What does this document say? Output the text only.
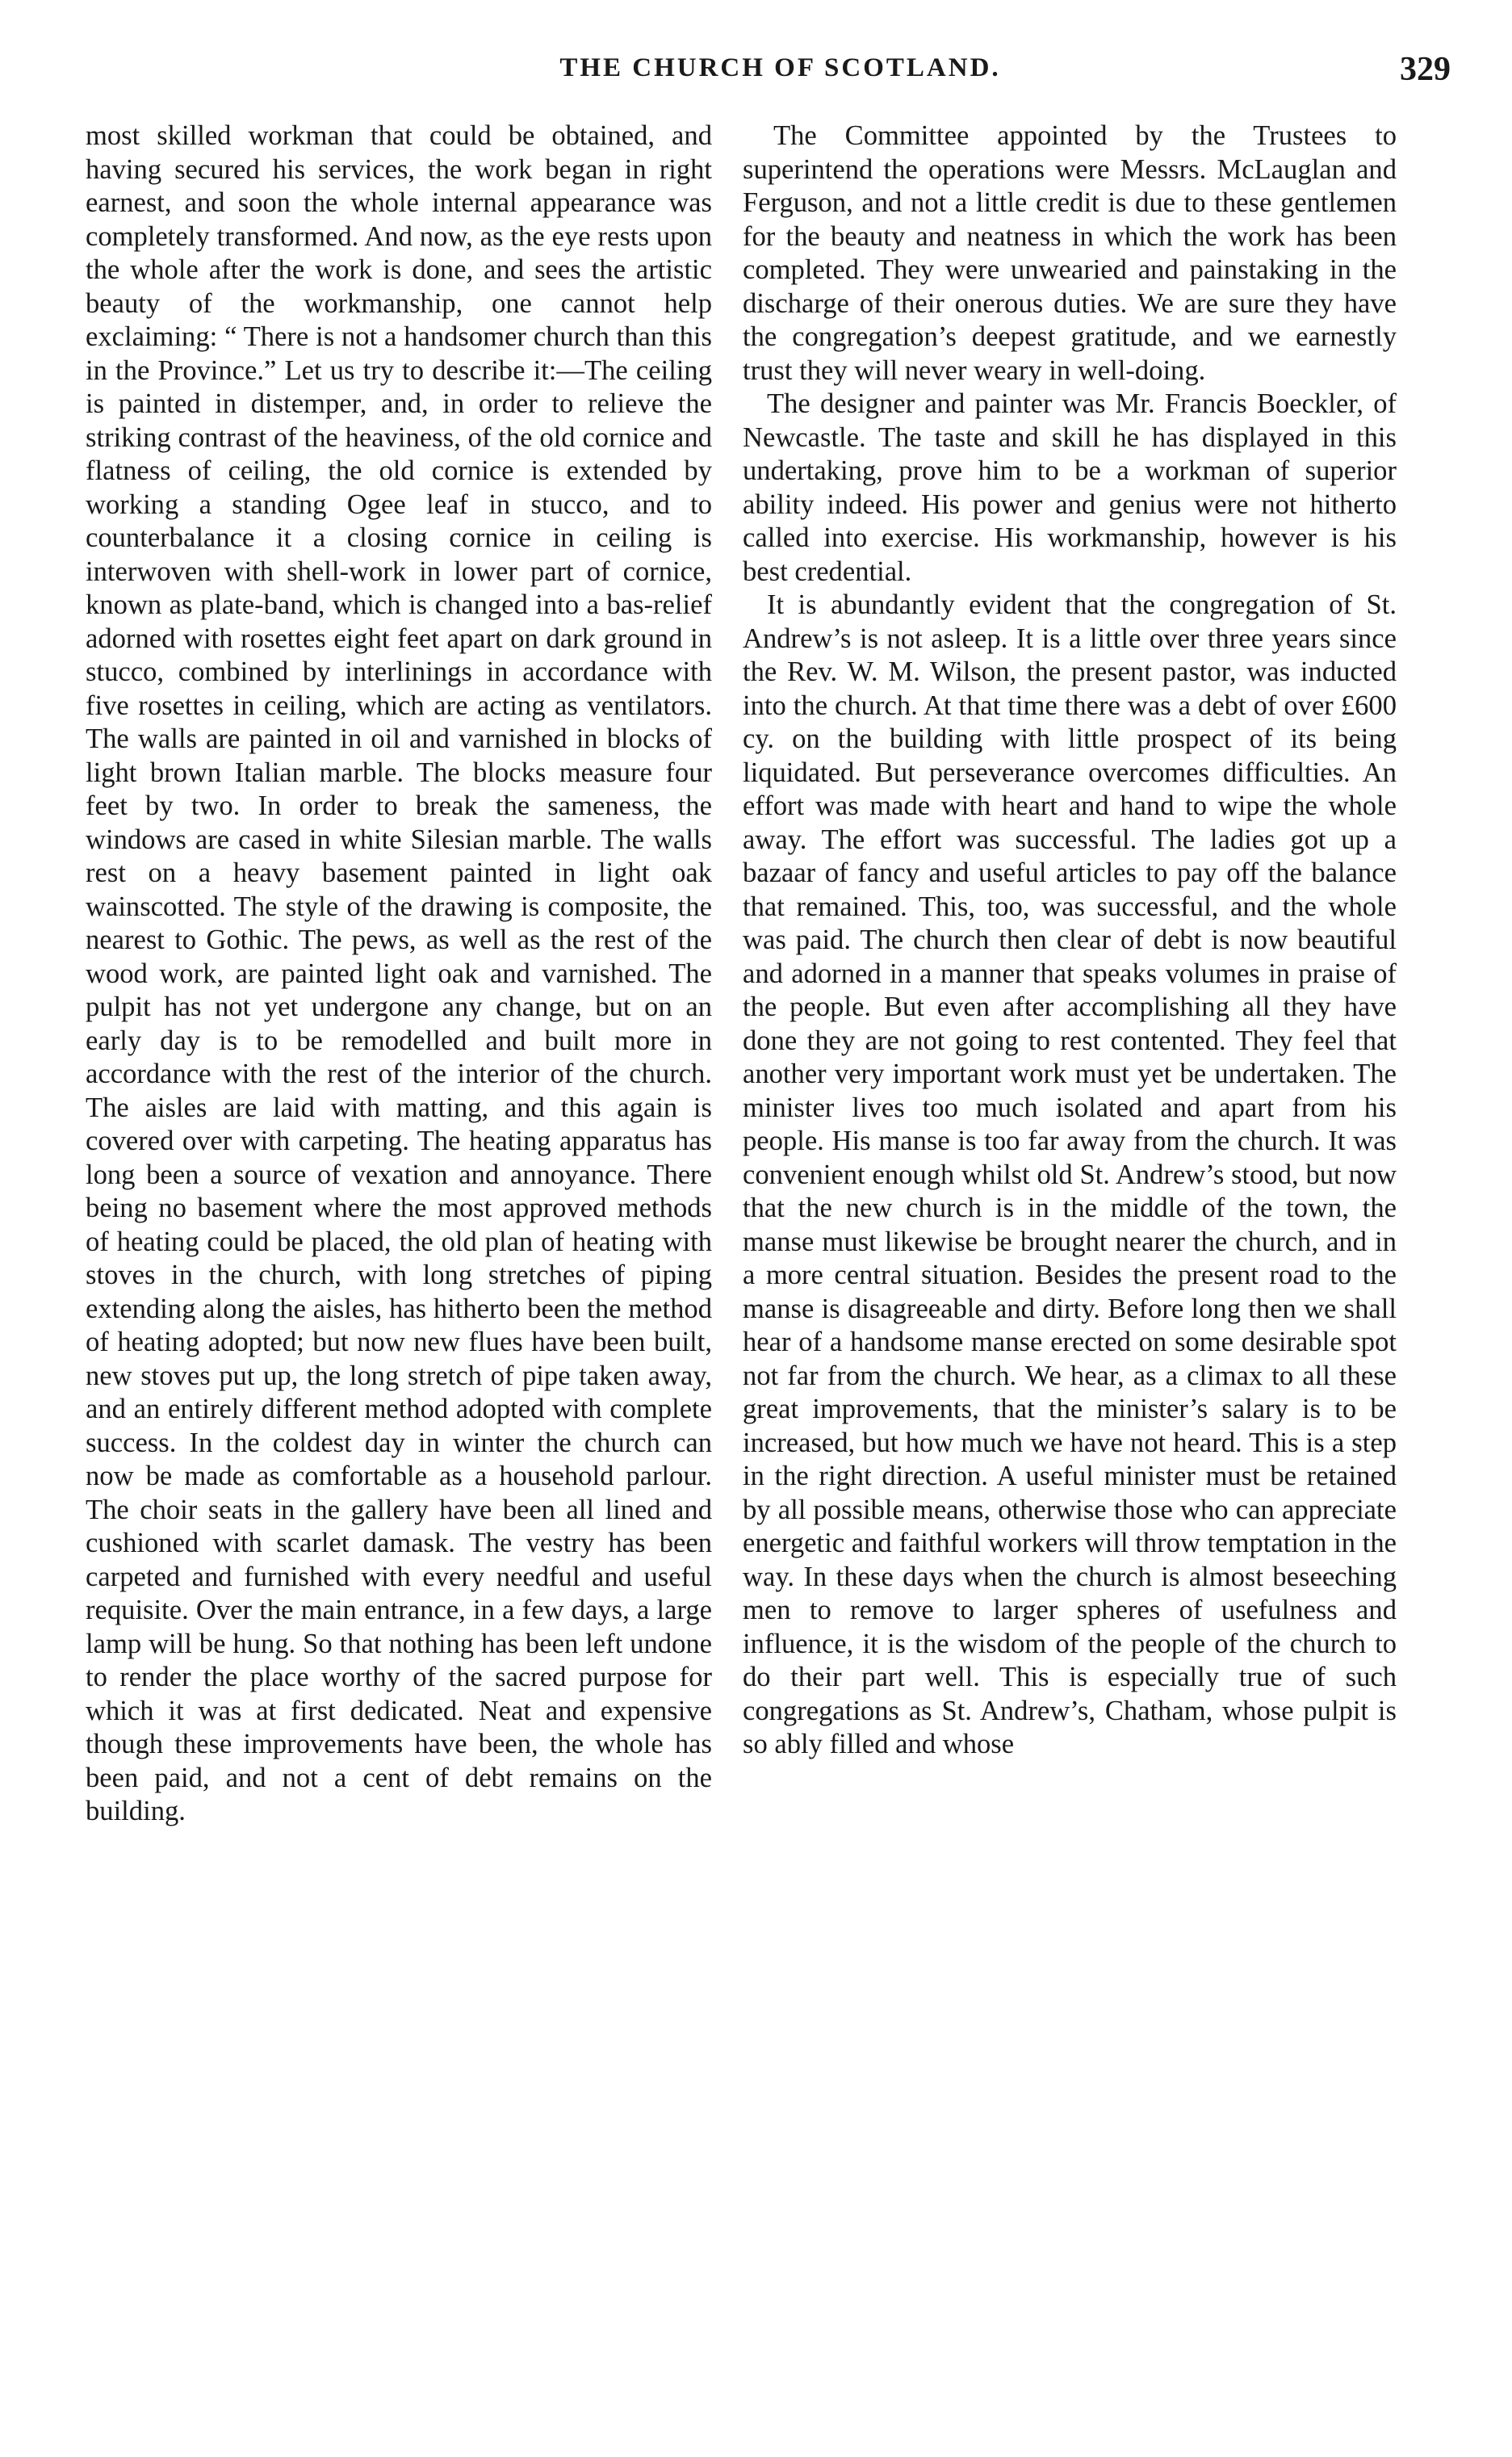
THE CHURCH OF SCOTLAND.	329

most skilled workman that could be obtained, and having secured his services, the work began in right earnest, and soon the whole internal appearance was completely transformed. And now, as the eye rests upon the whole after the work is done, and sees the artistic beauty of the workmanship, one cannot help exclaiming: “ There is not a handsomer church than this in the Province.” Let us try to describe it:—The ceiling is painted in distemper, and, in order to relieve the striking contrast of the heaviness, of the old cornice and flatness of ceiling, the old cornice is extended by working a standing Ogee leaf in stucco, and to counterbalance it a closing cornice in ceiling is interwoven with shell-work in lower part of cornice, known as plate-band, which is changed into a bas-relief adorned with rosettes eight feet apart on dark ground in stucco, combined by interlinings in accordance with five rosettes in ceiling, which are acting as ventilators. The walls are painted in oil and varnished in blocks of light brown Italian marble. The blocks measure four feet by two. In order to break the sameness, the windows are cased in white Silesian marble. The walls rest on a heavy basement painted in light oak wainscotted. The style of the drawing is composite, the nearest to Gothic. The pews, as well as the rest of the wood work, are painted light oak and varnished. The pulpit has not yet undergone any change, but on an early day is to be remodelled and built more in accordance with the rest of the interior of the church. The aisles are laid with matting, and this again is covered over with carpeting. The heating apparatus has long been a source of vexation and annoyance. There being no basement where the most approved methods of heating could be placed, the old plan of heating with stoves in the church, with long stretches of piping extending along the aisles, has hitherto been the method of heating adopted; but now new flues have been built, new stoves put up, the long stretch of pipe taken away, and an entirely different method adopted with complete success. In the coldest day in winter the church can now be made as comfortable as a household parlour. The choir seats in the gallery have been all lined and cushioned with scarlet damask. The vestry has been carpeted and furnished with every needful and useful requisite. Over the main entrance, in a few days, a large lamp will be hung. So that nothing has been left undone to render the place worthy of the sacred purpose for which it was at first dedicated. Neat and expensive though these improvements have been, the whole has been paid, and not a cent of debt remains on the building.

The Committee appointed by the Trustees to superintend the operations were Messrs. McLauglan and Ferguson, and not a little credit is due to these gentlemen for the beauty and neatness in which the work has been completed. They were unwearied and painstaking in the discharge of their onerous duties. We are sure they have the congregation’s deepest gratitude, and we earnestly trust they will never weary in well-doing.

The designer and painter was Mr. Francis Boeckler, of Newcastle. The taste and skill he has displayed in this undertaking, prove him to be a workman of superior ability indeed. His power and genius were not hitherto called into exercise. His workmanship, however is his best credential.

It is abundantly evident that the congregation of St. Andrew’s is not asleep. It is a little over three years since the Rev. W. M. Wilson, the present pastor, was inducted into the church. At that time there was a debt of over £600 cy. on the building with little prospect of its being liquidated. But perseverance overcomes difficulties. An effort was made with heart and hand to wipe the whole away. The effort was successful. The ladies got up a bazaar of fancy and useful articles to pay off the balance that remained. This, too, was successful, and the whole was paid. The church then clear of debt is now beautiful and adorned in a manner that speaks volumes in praise of the people. But even after accomplishing all they have done they are not going to rest contented. They feel that another very important work must yet be undertaken. The minister lives too much isolated and apart from his people. His manse is too far away from the church. It was convenient enough whilst old St. Andrew’s stood, but now that the new church is in the middle of the town, the manse must likewise be brought nearer the church, and in a more central situation. Besides the present road to the manse is disagreeable and dirty. Before long then we shall hear of a handsome manse erected on some desirable spot not far from the church. We hear, as a climax to all these great improvements, that the minister’s salary is to be increased, but how much we have not heard. This is a step in the right direction. A useful minister must be retained by all possible means, otherwise those who can appreciate energetic and faithful workers will throw temptation in the way. In these days when the church is almost beseeching men to remove to larger spheres of usefulness and influence, it is the wisdom of the people of the church to do their part well. This is especially true of such congregations as St. Andrew’s, Chatham, whose pulpit is so ably filled and whose
